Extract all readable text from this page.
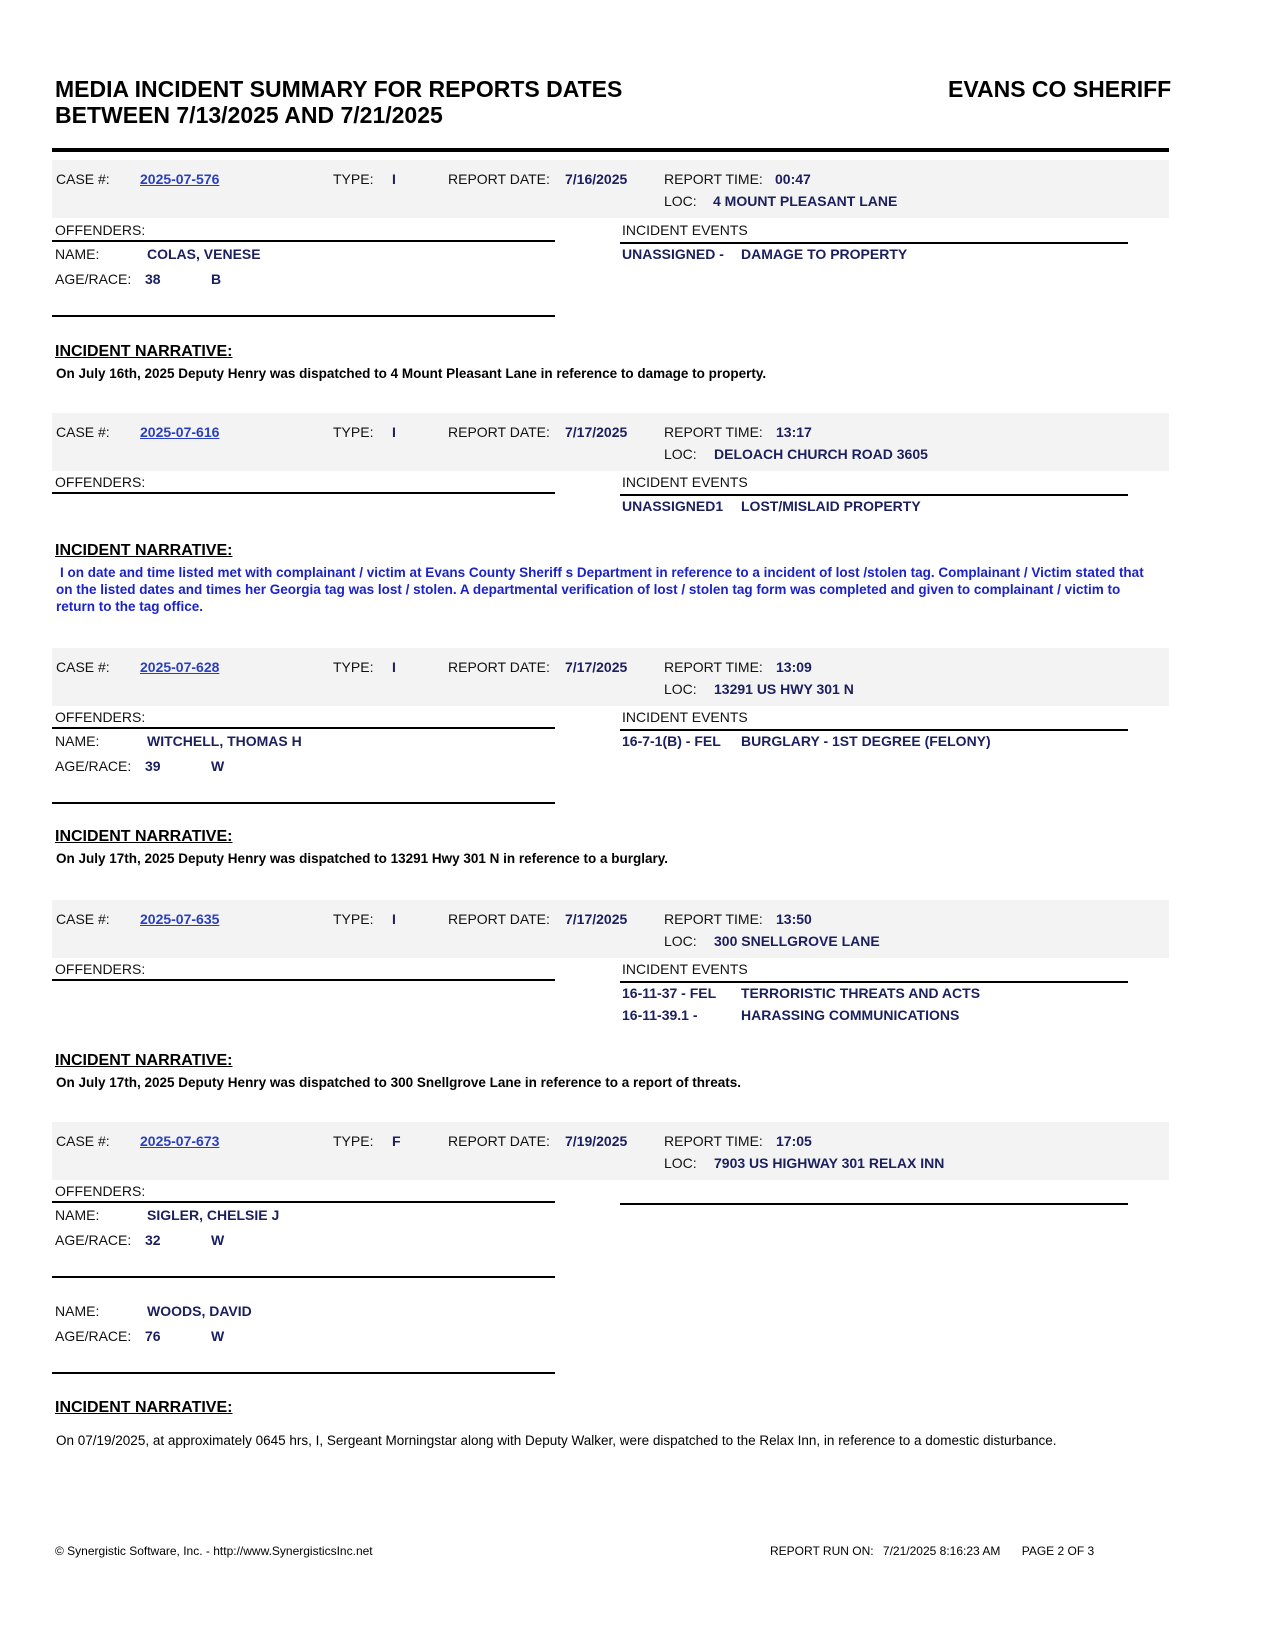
MEDIA INCIDENT SUMMARY FOR REPORTS DATES
BETWEEN 7/13/2025 AND 7/21/2025
EVANS CO SHERIFF
CASE #: 2025-07-576	TYPE: I	REPORT DATE: 7/16/2025	REPORT TIME: 00:47
LOC: 4 MOUNT PLEASANT LANE
OFFENDERS:	INCIDENT EVENTS
NAME:	COLAS, VENESE
AGE/RACE: 38	B
UNASSIGNED - DAMAGE TO PROPERTY
INCIDENT NARRATIVE:
On July 16th, 2025 Deputy Henry was dispatched to 4 Mount Pleasant Lane in reference to damage to property.
CASE #: 2025-07-616	TYPE: I	REPORT DATE: 7/17/2025	REPORT TIME: 13:17
LOC: DELOACH CHURCH ROAD 3605
OFFENDERS:	INCIDENT EVENTS
UNASSIGNED1 LOST/MISLAID PROPERTY
INCIDENT NARRATIVE:
I on date and time listed met with complainant / victim at Evans County Sheriff s Department in reference to a incident of lost /stolen tag. Complainant / Victim stated that on the listed dates and times her Georgia tag was lost / stolen. A departmental verification of lost / stolen tag form was completed and given to complainant / victim to return to the tag office.
CASE #: 2025-07-628	TYPE: I	REPORT DATE: 7/17/2025	REPORT TIME: 13:09
LOC: 13291 US HWY 301 N
OFFENDERS:	INCIDENT EVENTS
NAME:	WITCHELL, THOMAS H
AGE/RACE: 39	W
16-7-1(B) - FEL BURGLARY - 1ST DEGREE (FELONY)
INCIDENT NARRATIVE:
On July 17th, 2025 Deputy Henry was dispatched to 13291 Hwy 301 N in reference to a burglary.
CASE #: 2025-07-635	TYPE: I	REPORT DATE: 7/17/2025	REPORT TIME: 13:50
LOC: 300 SNELLGROVE LANE
OFFENDERS:	INCIDENT EVENTS
16-11-37 - FEL TERRORISTIC THREATS AND ACTS
16-11-39.1 -	HARASSING COMMUNICATIONS
INCIDENT NARRATIVE:
On July 17th, 2025 Deputy Henry was dispatched to 300 Snellgrove Lane in reference to a report of threats.
CASE #: 2025-07-673	TYPE: F	REPORT DATE: 7/19/2025	REPORT TIME: 17:05
LOC: 7903 US HIGHWAY 301 RELAX INN
OFFENDERS:
NAME:	SIGLER, CHELSIE J
AGE/RACE: 32	W
NAME:	WOODS, DAVID
AGE/RACE: 76	W
INCIDENT NARRATIVE:
On 07/19/2025, at approximately 0645 hrs, I, Sergeant Morningstar along with Deputy Walker, were dispatched to the Relax Inn, in reference to a domestic disturbance.
© Synergistic Software, Inc. - http://www.SynergisticsInc.net	REPORT RUN ON: 7/21/2025 8:16:23 AM PAGE 2 OF 3
